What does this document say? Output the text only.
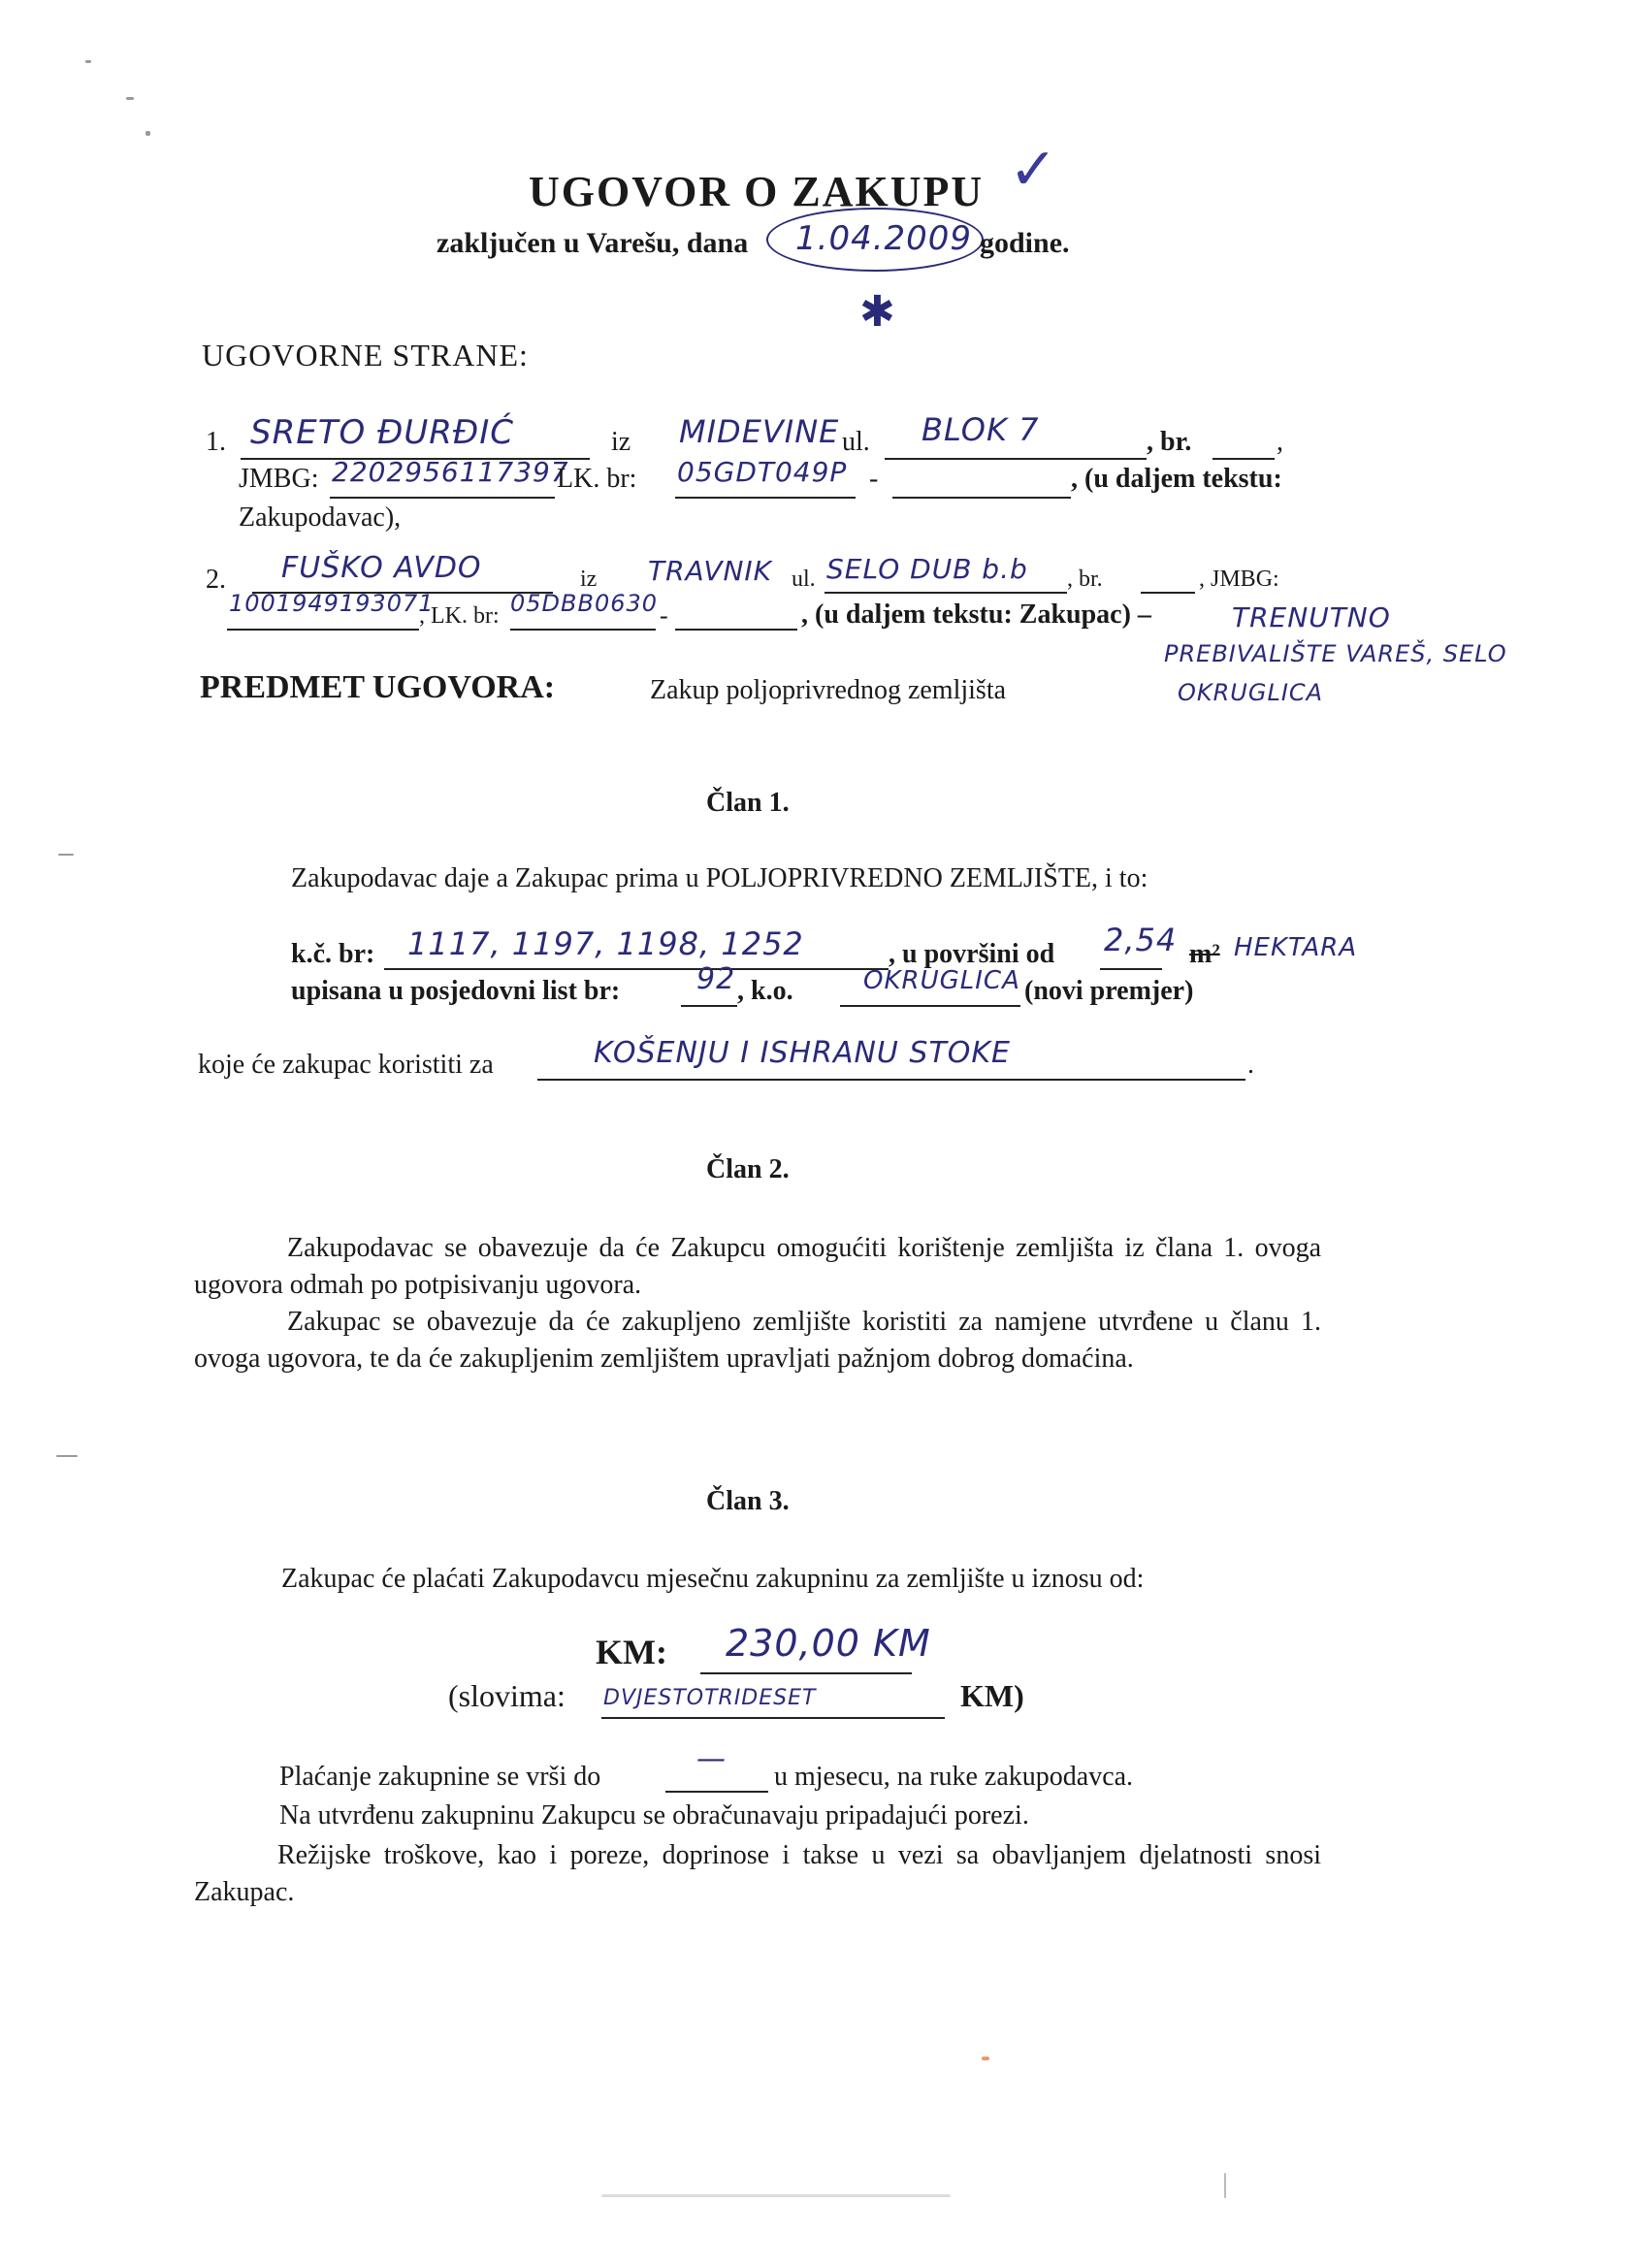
UGOVOR O ZAKUPU ✓
zaključen u Varešu, dana 1.04.2009 godine.
✱
UGOVORNE STRANE:
1. SRETO ĐURĐIĆ	iz MIDEVINE ul. BLOK 7	, br.	,
JMBG: 2202956117397
LK. br: 05GDT049P -	, (u daljem tekstu:
Zakupodavac),
2. FUŠKO AVDO	iz TRAVNIK ul. SELO DUB b.b , br.	, JMBG:
1001949193071
, LK. br: 05DBB0630 -	, (u daljem tekstu: Zakupac) –	TRENUTNO
PREBIVALIŠTE VAREŠ, SELO
OKRUGLICA
PREDMET UGOVORA:	Zakup poljoprivrednog zemljišta
Član 1.
Zakupodavac daje a Zakupac prima u POLJOPRIVREDNO ZEMLJIŠTE, i to:
k.č. br: 1117, 1197, 1198, 1252	, u površini od 2,54 m² HEKTARA
upisana u posjedovni list br:	92 , k.o.	OKRUGLICA (novi premjer)
koje će zakupac koristiti za	KOŠENJU I ISHRANU STOKE	.
Član 2.

Zakupodavac se obavezuje da će Zakupcu omogućiti korištenje zemljišta iz člana 1. ovoga ugovora odmah po potpisivanju ugovora.

Zakupac se obavezuje da će zakupljeno zemljište koristiti za namjene utvrđene u članu 1. ovoga ugovora, te da će zakupljenim zemljištem upravljati pažnjom dobrog domaćina.

Član 3.
Zakupac će plaćati Zakupodavcu mjesečnu zakupninu za zemljište u iznosu od:
KM: 230,00 KM
(slovima: DVJESTOTRIDESET	KM)
Plaćanje zakupnine se vrši do
—
u mjesecu, na ruke zakupodavca.
Na utvrđenu zakupninu Zakupcu se obračunavaju pripadajući porezi.

Režijske troškove, kao i poreze, doprinose i takse u vezi sa obavljanjem djelatnosti snosi Zakupac.
